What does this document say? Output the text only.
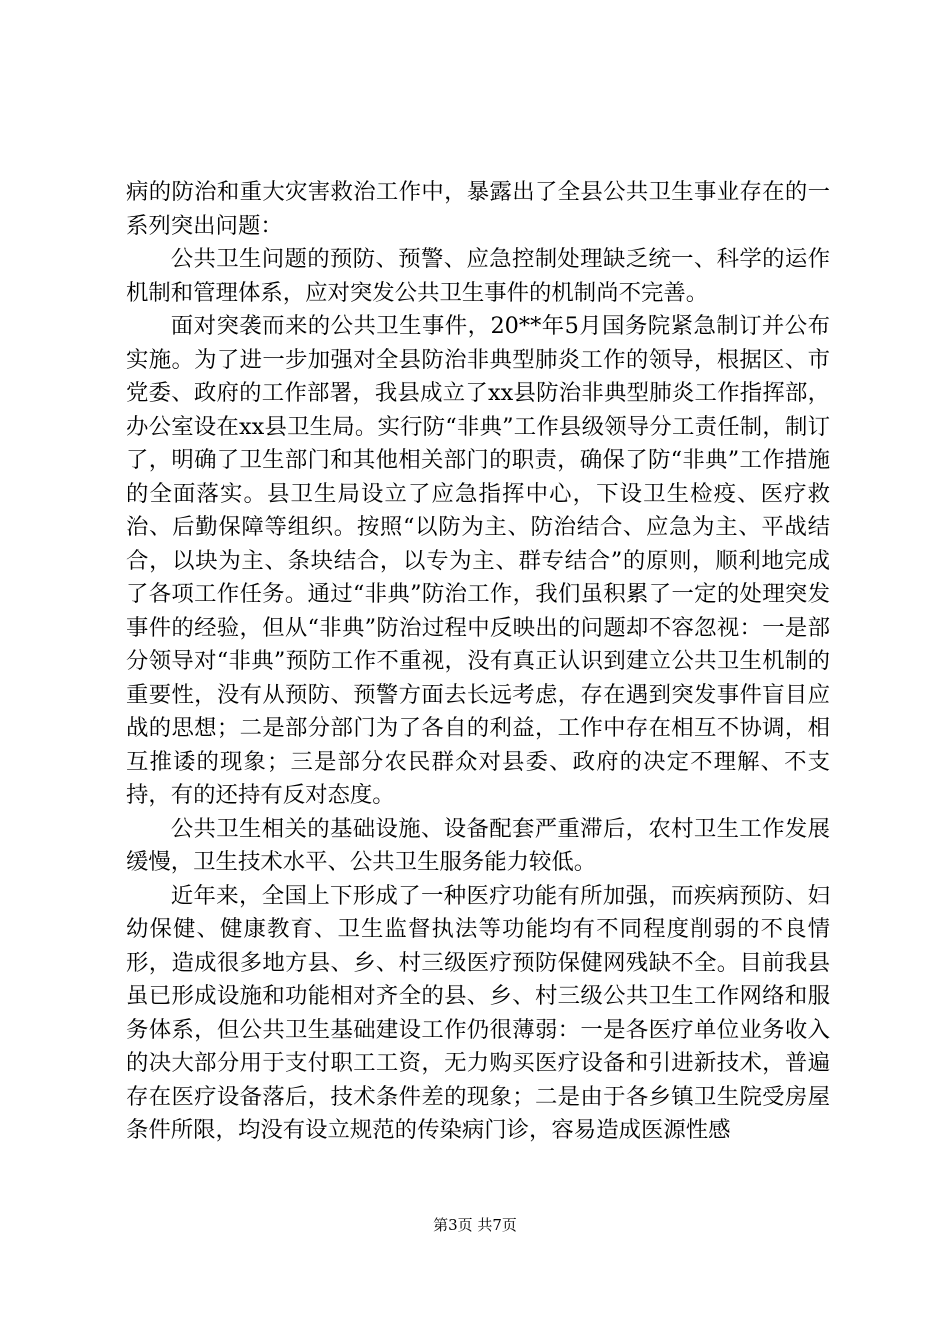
病的防治和重大灾害救治工作中，暴露出了全县公共卫生事业存在的一系列突出问题：

公共卫生问题的预防、预警、应急控制处理缺乏统一、科学的运作机制和管理体系，应对突发公共卫生事件的机制尚不完善。

面对突袭而来的公共卫生事件，20**年5月国务院紧急制订并公布实施。为了进一步加强对全县防治非典型肺炎工作的领导，根据区、市党委、政府的工作部署，我县成立了xx县防治非典型肺炎工作指挥部，办公室设在xx县卫生局。实行防“非典”工作县级领导分工责任制，制订了，明确了卫生部门和其他相关部门的职责，确保了防“非典”工作措施的全面落实。县卫生局设立了应急指挥中心，下设卫生检疫、医疗救治、后勤保障等组织。按照“以防为主、防治结合、应急为主、平战结合，以块为主、条块结合，以专为主、群专结合”的原则，顺利地完成了各项工作任务。通过“非典”防治工作，我们虽积累了一定的处理突发事件的经验，但从“非典”防治过程中反映出的问题却不容忽视：一是部分领导对“非典”预防工作不重视，没有真正认识到建立公共卫生机制的重要性，没有从预防、预警方面去长远考虑，存在遇到突发事件盲目应战的思想；二是部分部门为了各自的利益，工作中存在相互不协调，相互推诿的现象；三是部分农民群众对县委、政府的决定不理解、不支持，有的还持有反对态度。

公共卫生相关的基础设施、设备配套严重滞后，农村卫生工作发展缓慢，卫生技术水平、公共卫生服务能力较低。

近年来，全国上下形成了一种医疗功能有所加强，而疾病预防、妇幼保健、健康教育、卫生监督执法等功能均有不同程度削弱的不良情形，造成很多地方县、乡、村三级医疗预防保健网残缺不全。目前我县虽已形成设施和功能相对齐全的县、乡、村三级公共卫生工作网络和服务体系，但公共卫生基础建设工作仍很薄弱：一是各医疗单位业务收入的决大部分用于支付职工工资，无力购买医疗设备和引进新技术，普遍存在医疗设备落后，技术条件差的现象；二是由于各乡镇卫生院受房屋条件所限，均没有设立规范的传染病门诊，容易造成医源性感

第3页 共7页
